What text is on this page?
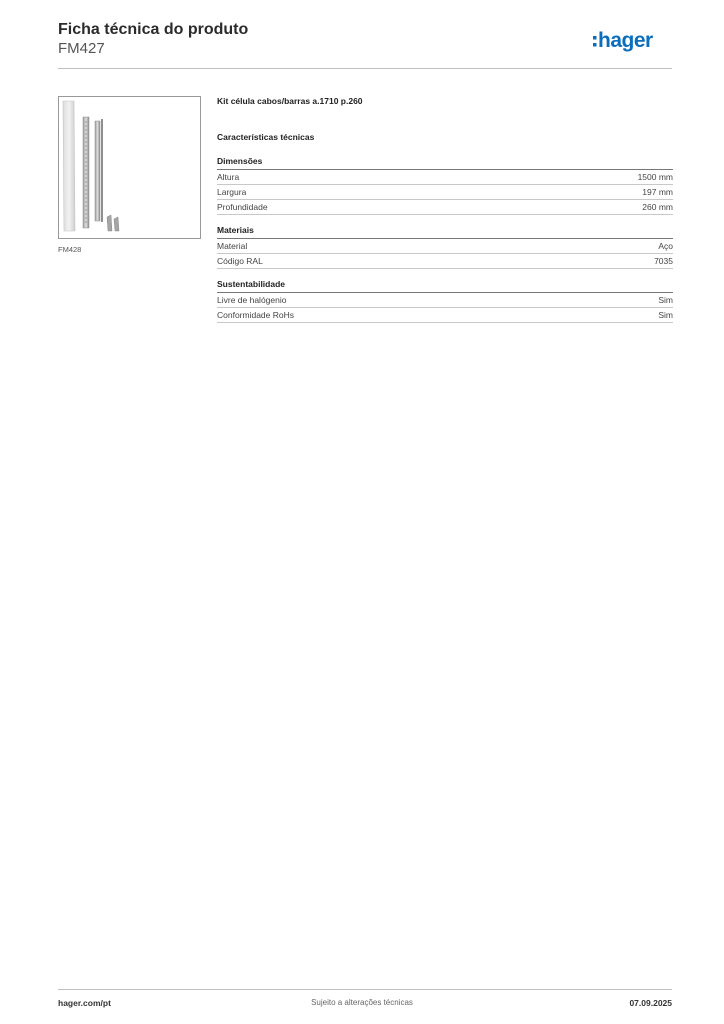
Ficha técnica do produto
FM427	hager
FM428

Kit célula cabos/barras a.1710 p.260

Características técnicas

Dimensões

Altura	1500 mm
Largura	197 mm
Profundidade	260 mm

Materiais

Material	Aço
Código RAL	7035

Sustentabilidade

Livre de halógenio	Sim
Conformidade RoHs	Sim
hager.com/pt	Sujeito a alterações técnicas	07.09.2025
